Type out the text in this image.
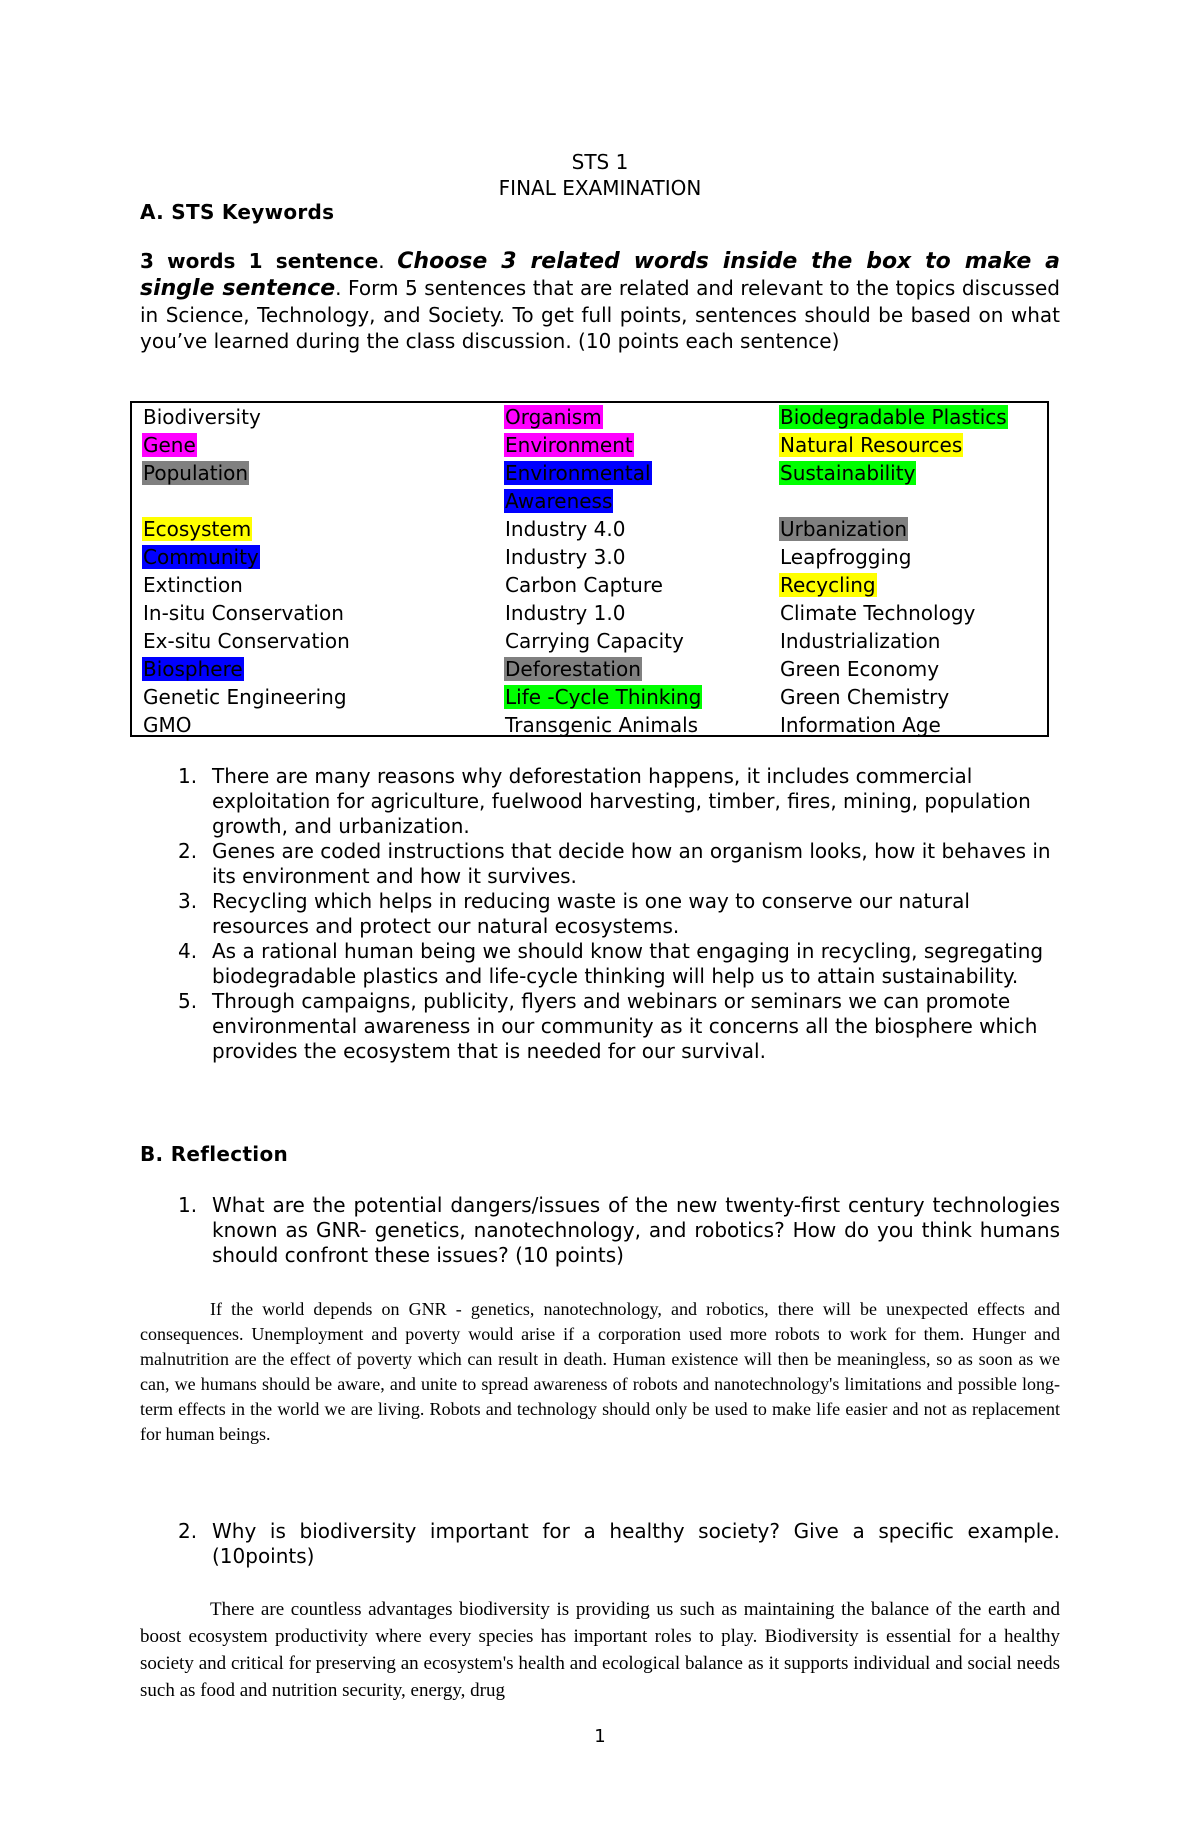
STS 1
FINAL EXAMINATION
A. STS Keywords
3 words 1 sentence. Choose 3 related words inside the box to make a single sentence. Form 5 sentences that are related and relevant to the topics discussed in Science, Technology, and Society. To get full points, sentences should be based on what you’ve learned during the class discussion. (10 points each sentence)
Biodiversity
Gene
Population
Ecosystem
Community
Extinction
In-situ Conservation
Ex-situ Conservation
Biosphere
Genetic Engineering
GMO
Organism
Environment
Environmental
Awareness
Industry 4.0
Industry 3.0
Carbon Capture
Industry 1.0
Carrying Capacity
Deforestation
Life -Cycle Thinking
Transgenic Animals
Biodegradable Plastics
Natural Resources
Sustainability
Urbanization
Leapfrogging
Recycling
Climate Technology
Industrialization
Green Economy
Green Chemistry
Information Age
1. There are many reasons why deforestation happens, it includes commercial exploitation for agriculture, fuelwood harvesting, timber, fires, mining, population growth, and urbanization.
2. Genes are coded instructions that decide how an organism looks, how it behaves in its environment and how it survives.
3. Recycling which helps in reducing waste is one way to conserve our natural resources and protect our natural ecosystems.
4. As a rational human being we should know that engaging in recycling, segregating biodegradable plastics and life-cycle thinking will help us to attain sustainability.
5. Through campaigns, publicity, flyers and webinars or seminars we can promote environmental awareness in our community as it concerns all the biosphere which provides the ecosystem that is needed for our survival.
B. Reflection
1. What are the potential dangers/issues of the new twenty-first century technologies known as GNR- genetics, nanotechnology, and robotics? How do you think humans should confront these issues? (10 points)
If the world depends on GNR - genetics, nanotechnology, and robotics, there will be unexpected effects and consequences. Unemployment and poverty would arise if a corporation used more robots to work for them. Hunger and malnutrition are the effect of poverty which can result in death. Human existence will then be meaningless, so as soon as we can, we humans should be aware, and unite to spread awareness of robots and nanotechnology's limitations and possible long-term effects in the world we are living. Robots and technology should only be used to make life easier and not as replacement for human beings.
2. Why is biodiversity important for a healthy society? Give a specific example. (10points)
There are countless advantages biodiversity is providing us such as maintaining the balance of the earth and boost ecosystem productivity where every species has important roles to play. Biodiversity is essential for a healthy society and critical for preserving an ecosystem's health and ecological balance as it supports individual and social needs such as food and nutrition security, energy, drug
1
